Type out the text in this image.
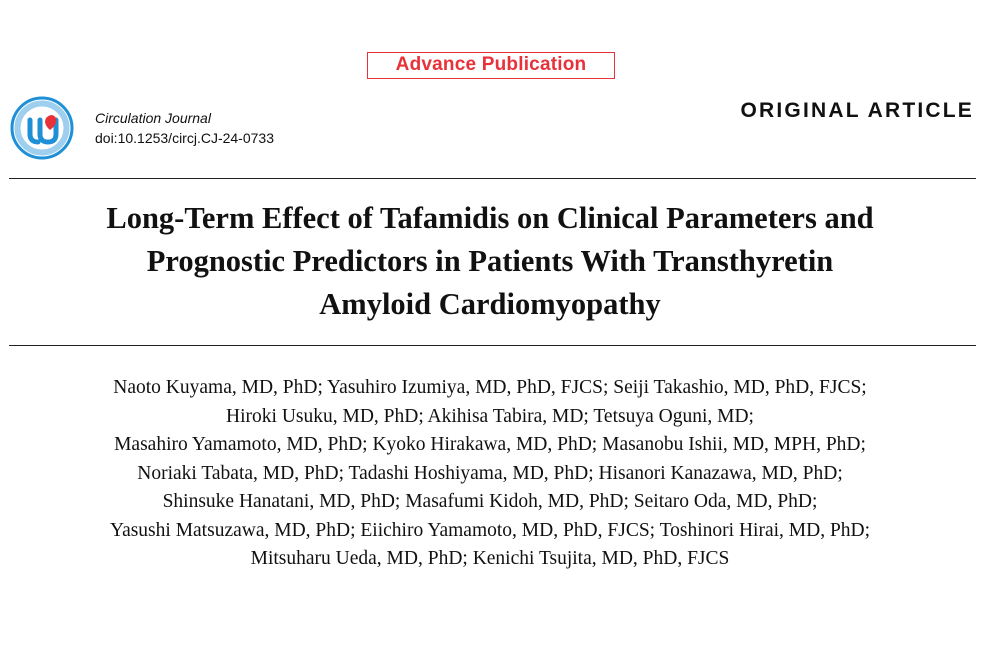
Advance Publication
Circulation Journal
doi:10.1253/circj.CJ-24-0733
ORIGINAL ARTICLE
Long-Term Effect of Tafamidis on Clinical Parameters and
Prognostic Predictors in Patients With Transthyretin
Amyloid Cardiomyopathy
Naoto Kuyama, MD, PhD; Yasuhiro Izumiya, MD, PhD, FJCS; Seiji Takashio, MD, PhD, FJCS;
Hiroki Usuku, MD, PhD; Akihisa Tabira, MD; Tetsuya Oguni, MD;
Masahiro Yamamoto, MD, PhD; Kyoko Hirakawa, MD, PhD; Masanobu Ishii, MD, MPH, PhD;
Noriaki Tabata, MD, PhD; Tadashi Hoshiyama, MD, PhD; Hisanori Kanazawa, MD, PhD;
Shinsuke Hanatani, MD, PhD; Masafumi Kidoh, MD, PhD; Seitaro Oda, MD, PhD;
Yasushi Matsuzawa, MD, PhD; Eiichiro Yamamoto, MD, PhD, FJCS; Toshinori Hirai, MD, PhD;
Mitsuharu Ueda, MD, PhD; Kenichi Tsujita, MD, PhD, FJCS
